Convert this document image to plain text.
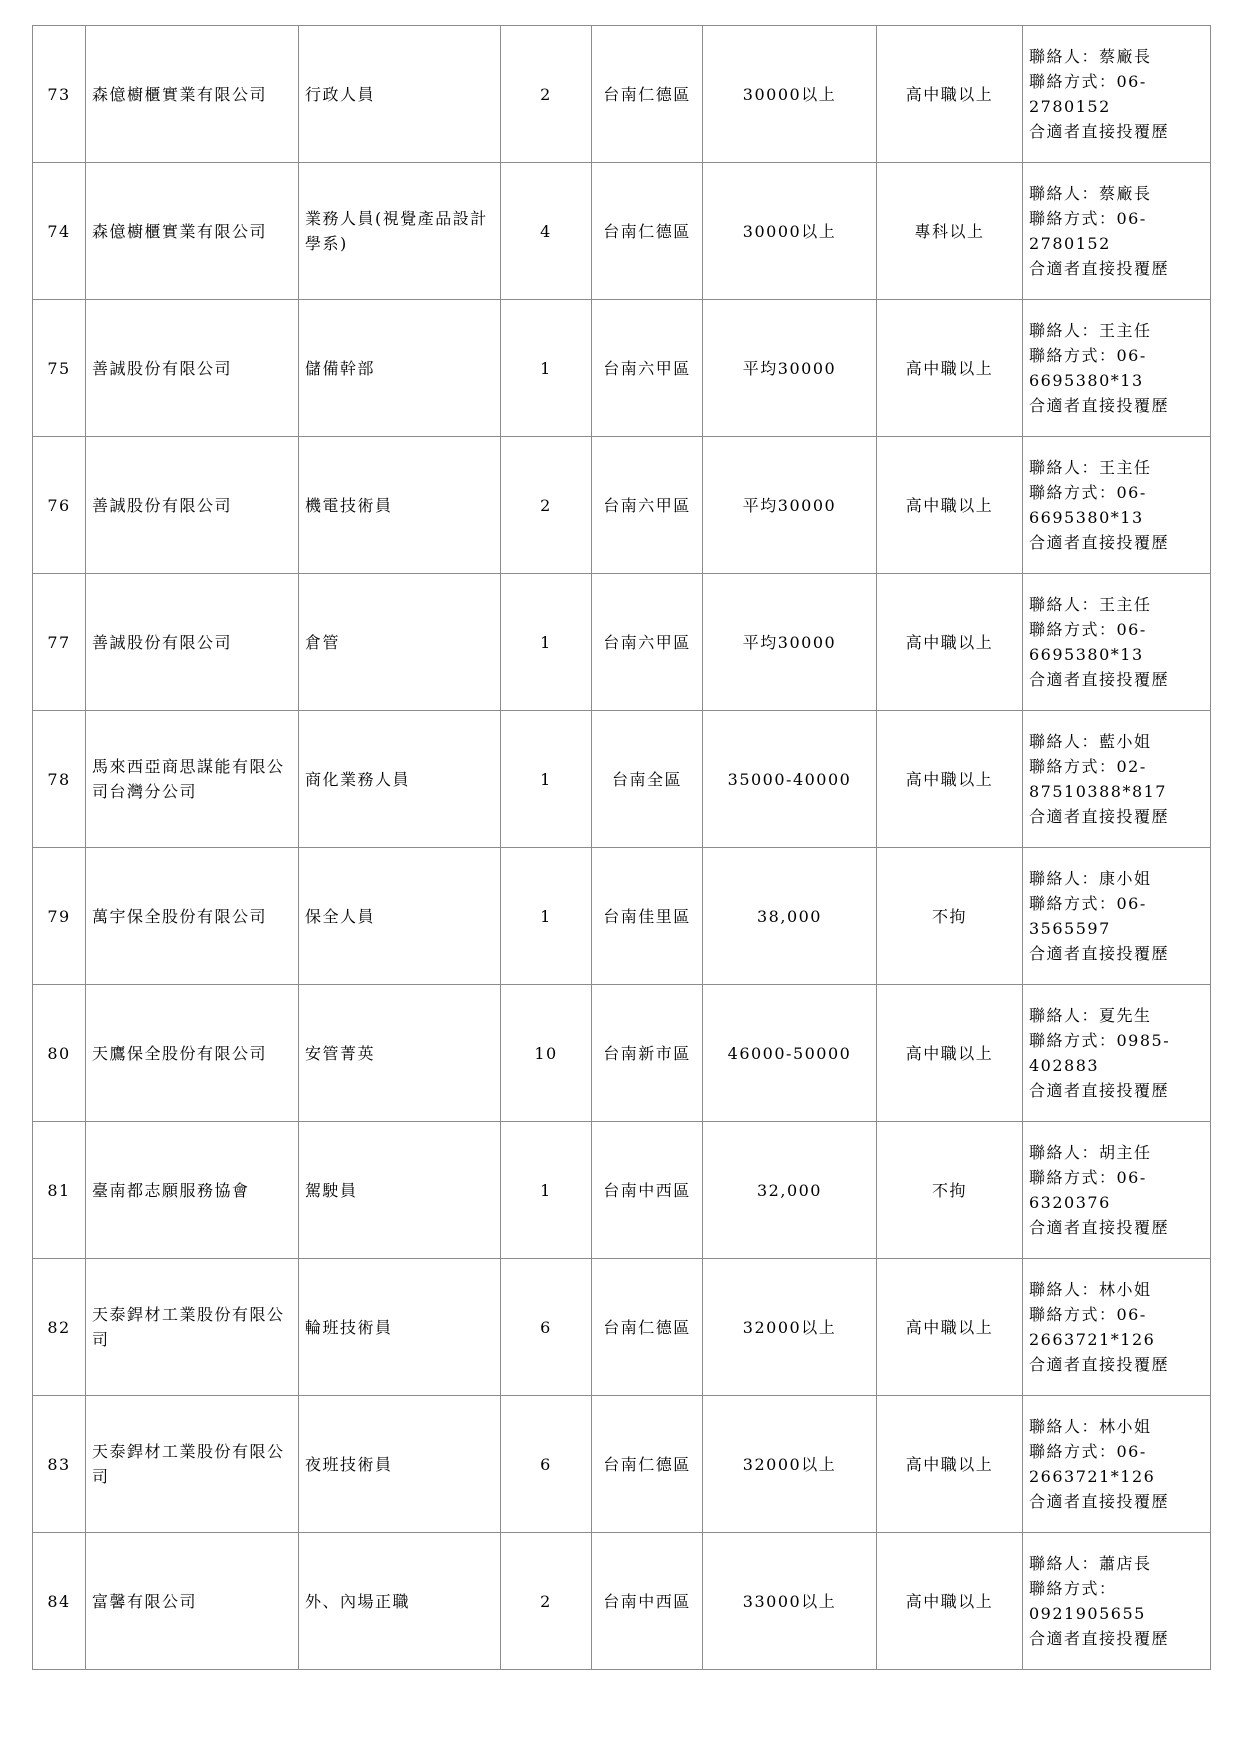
73	森億櫥櫃實業有限公司	行政人員	2	台南仁德區	30000以上	高中職以上	聯絡人：蔡廠長
聯絡方式：06-
2780152
合適者直接投覆歷

74	森億櫥櫃實業有限公司	業務人員(視覺產品設計學系)	4	台南仁德區	30000以上	專科以上	聯絡人：蔡廠長
聯絡方式：06-
2780152
合適者直接投覆歷

75	善誠股份有限公司	儲備幹部	1	台南六甲區	平均30000	高中職以上	聯絡人：王主任
聯絡方式：06-
6695380*13
合適者直接投覆歷

76	善誠股份有限公司	機電技術員	2	台南六甲區	平均30000	高中職以上	聯絡人：王主任
聯絡方式：06-
6695380*13
合適者直接投覆歷

77	善誠股份有限公司	倉管	1	台南六甲區	平均30000	高中職以上	聯絡人：王主任
聯絡方式：06-
6695380*13
合適者直接投覆歷

78	馬來西亞商思謀能有限公司台灣分公司	商化業務人員	1	台南全區	35000-40000	高中職以上	聯絡人：藍小姐
聯絡方式：02-
87510388*817
合適者直接投覆歷

79	萬宇保全股份有限公司	保全人員	1	台南佳里區	38,000	不拘	聯絡人：康小姐
聯絡方式：06-
3565597
合適者直接投覆歷

80	天鷹保全股份有限公司	安管菁英	10	台南新市區	46000-50000	高中職以上	聯絡人：夏先生
聯絡方式：0985-
402883
合適者直接投覆歷

81	臺南都志願服務協會	駕駛員	1	台南中西區	32,000	不拘	聯絡人：胡主任
聯絡方式：06-
6320376
合適者直接投覆歷

82	天泰銲材工業股份有限公司	輪班技術員	6	台南仁德區	32000以上	高中職以上	聯絡人：林小姐
聯絡方式：06-
2663721*126
合適者直接投覆歷

83	天泰銲材工業股份有限公司	夜班技術員	6	台南仁德區	32000以上	高中職以上	聯絡人：林小姐
聯絡方式：06-
2663721*126
合適者直接投覆歷

84	富馨有限公司	外、內場正職	2	台南中西區	33000以上	高中職以上	聯絡人：蕭店長
聯絡方式：
0921905655
合適者直接投覆歷
